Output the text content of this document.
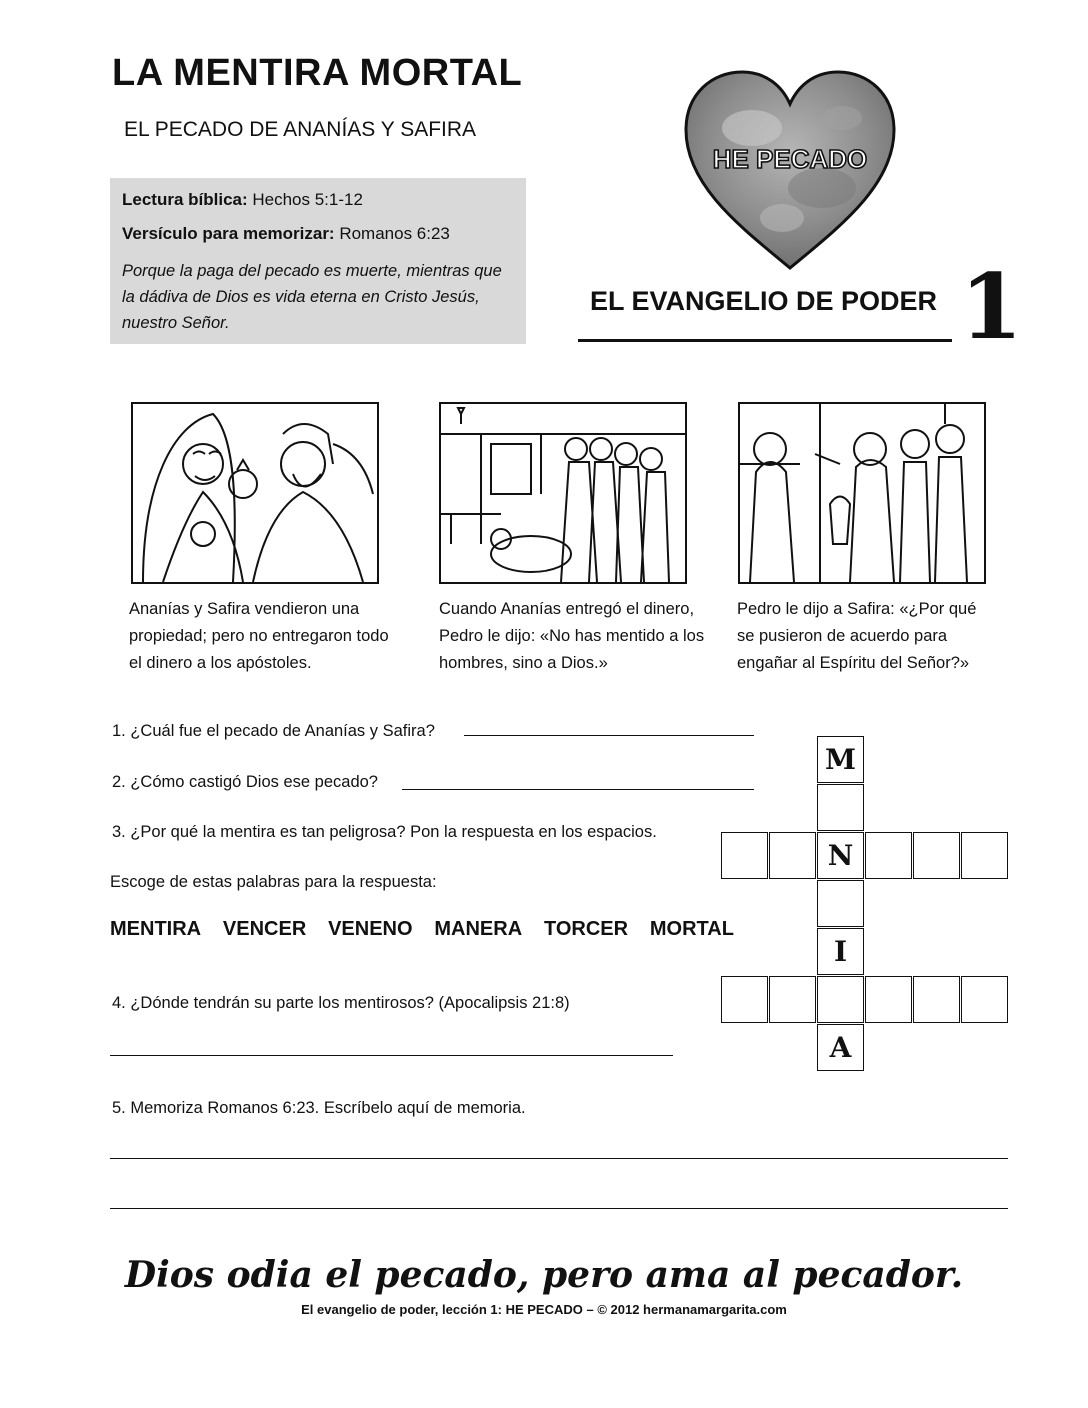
LA MENTIRA MORTAL
EL PECADO DE ANANÍAS Y SAFIRA
Lectura bíblica: Hechos 5:1-12
Versículo para memorizar: Romanos 6:23
Porque la paga del pecado es muerte, mientras que la dádiva de Dios es vida eterna en Cristo Jesús, nuestro Señor.
HE PECADO
EL EVANGELIO DE PODER 1
Ananías y Safira vendieron una propiedad; pero no entregaron todo el dinero a los apóstoles.
Cuando Ananías entregó el dinero, Pedro le dijo: «No has mentido a los hombres, sino a Dios.»
Pedro le dijo a Safira: «¿Por qué se pusieron de acuerdo para engañar al Espíritu del Señor?»
1. ¿Cuál fue el pecado de Ananías y Safira?
2. ¿Cómo castigó Dios ese pecado?
3. ¿Por qué la mentira es tan peligrosa? Pon la respuesta en los espacios.
Escoge de estas palabras para la respuesta:
MENTIRA VENCER VENENO MANERA TORCER MORTAL
4. ¿Dónde tendrán su parte los mentirosos? (Apocalipsis 21:8)
5. Memoriza Romanos 6:23. Escríbelo aquí de memoria.
M
N
I
A
Dios odia el pecado, pero ama al pecador.
El evangelio de poder, lección 1: HE PECADO – © 2012 hermanamargarita.com
